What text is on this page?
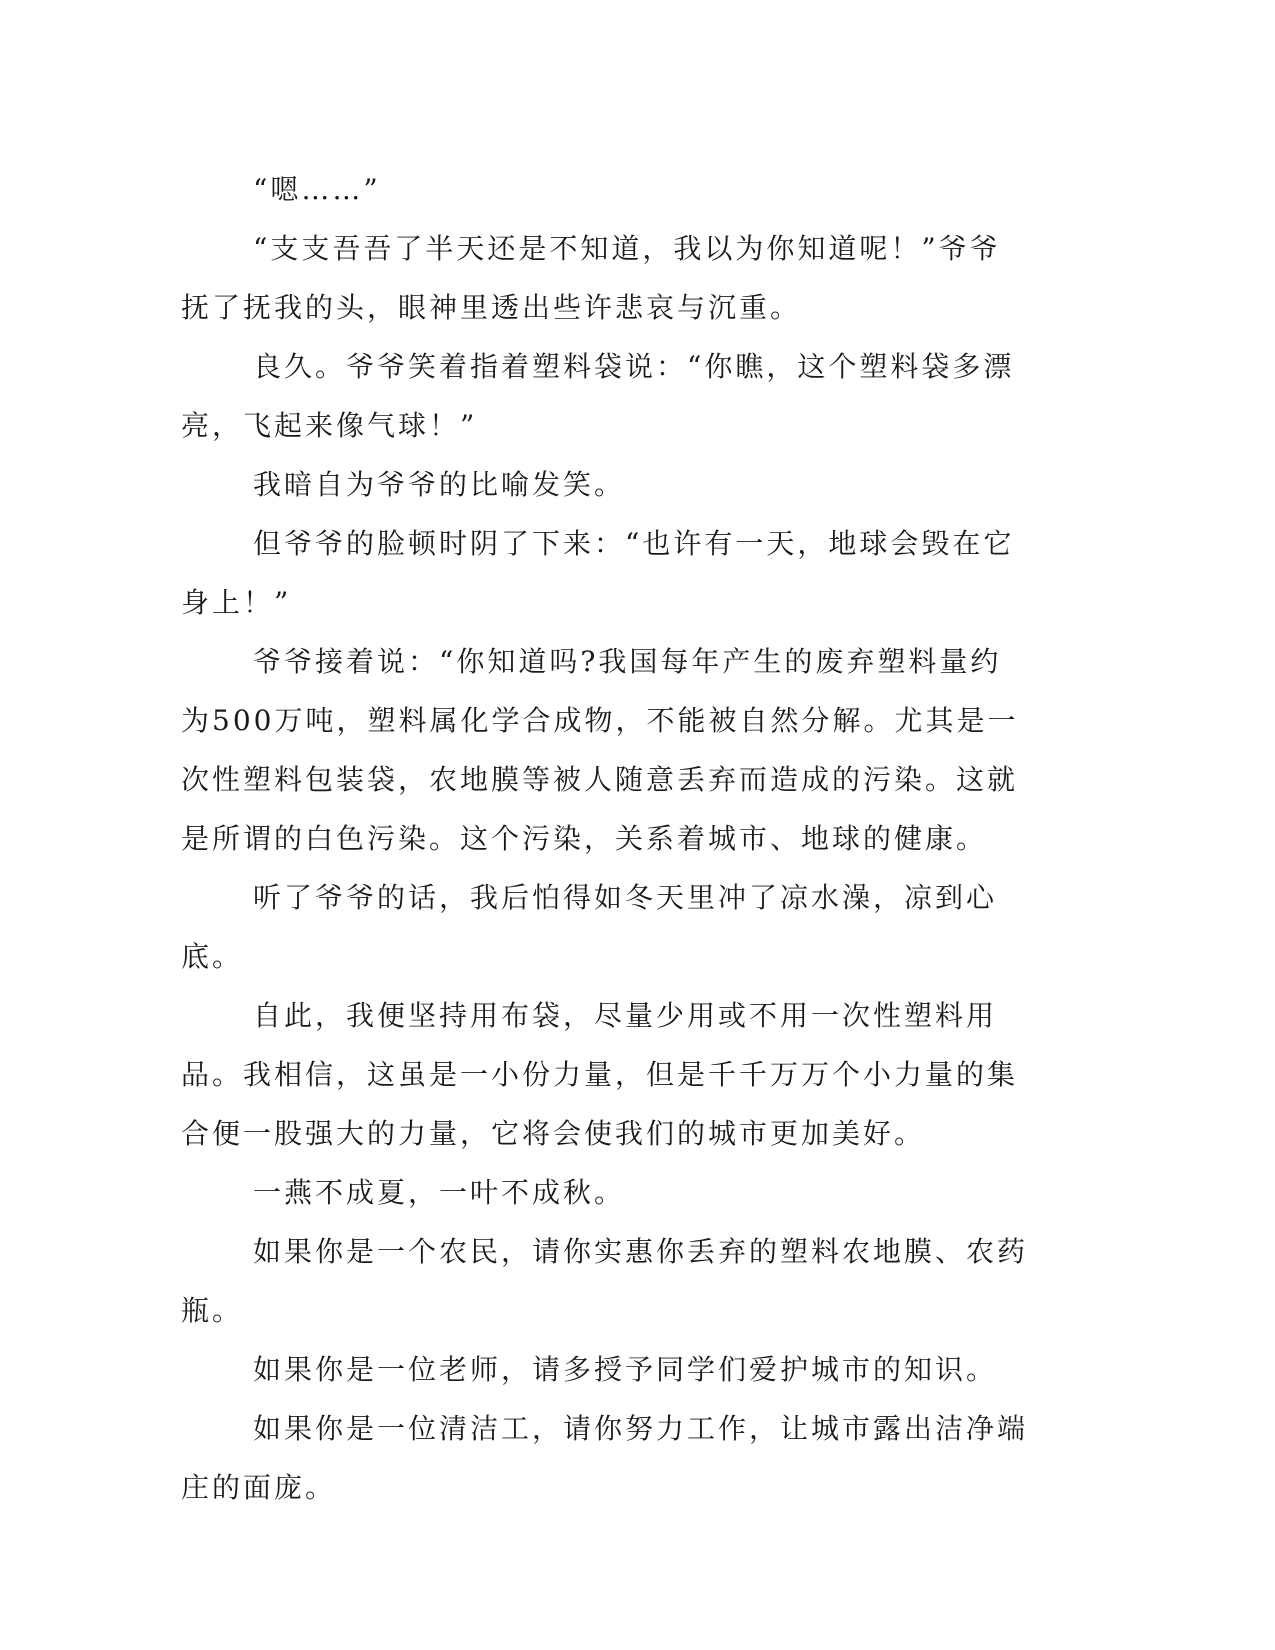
“嗯……”

“支支吾吾了半天还是不知道，我以为你知道呢！”爷爷抚了抚我的头，眼神里透出些许悲哀与沉重。

良久。爷爷笑着指着塑料袋说：“你瞧，这个塑料袋多漂亮，飞起来像气球！”

我暗自为爷爷的比喻发笑。

但爷爷的脸顿时阴了下来：“也许有一天，地球会毁在它身上！”

爷爷接着说：“你知道吗?我国每年产生的废弃塑料量约为500万吨，塑料属化学合成物，不能被自然分解。尤其是一次性塑料包装袋，农地膜等被人随意丢弃而造成的污染。这就是所谓的白色污染。这个污染，关系着城市、地球的健康。

听了爷爷的话，我后怕得如冬天里冲了凉水澡，凉到心底。

自此，我便坚持用布袋，尽量少用或不用一次性塑料用品。我相信，这虽是一小份力量，但是千千万万个小力量的集合便一股强大的力量，它将会使我们的城市更加美好。

一燕不成夏，一叶不成秋。

如果你是一个农民，请你实惠你丢弃的塑料农地膜、农药瓶。

如果你是一位老师，请多授予同学们爱护城市的知识。

如果你是一位清洁工，请你努力工作，让城市露出洁净端庄的面庞。
